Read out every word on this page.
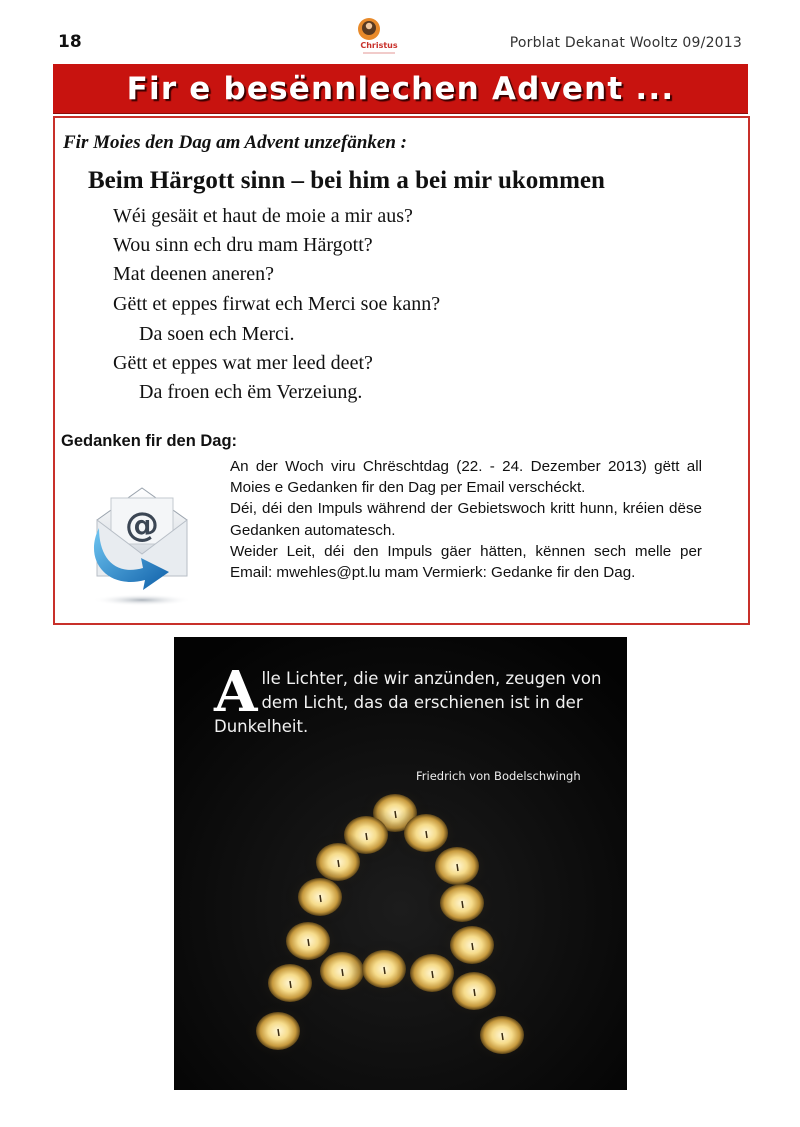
18	Christus	Porblat Dekanat Wooltz 09/2013
Fir e besënnlechen Advent ...
Fir Moies den Dag am Advent unzefänken :
Beim Härgott sinn – bei him a bei mir ukommen
Wéi gesäit et haut de moie a mir aus?
Wou sinn ech dru mam Härgott?
Mat deenen aneren?
Gëtt et eppes firwat ech Merci soe kann?
Da soen ech Merci.
Gëtt et eppes wat mer leed deet?
Da froen ech ëm Verzeiung.
Gedanken fir den Dag:
@

An der Woch viru Chrëschtdag (22. - 24. Dezember 2013) gëtt all Moies e Gedanken fir den Dag per Email verschéckt.

Déi, déi den Impuls während der Gebietswoch kritt hunn, kréien dëse Gedanken automatesch.

Weider Leit, déi den Impuls gäer hätten, kënnen sech melle per Email: mwehles@pt.lu mam Vermierk: Gedanke fir den Dag.

Alle Lichter, die wir anzünden, zeugen von dem Licht, das da erschienen ist in der Dunkelheit.
Friedrich von Bodelschwingh
